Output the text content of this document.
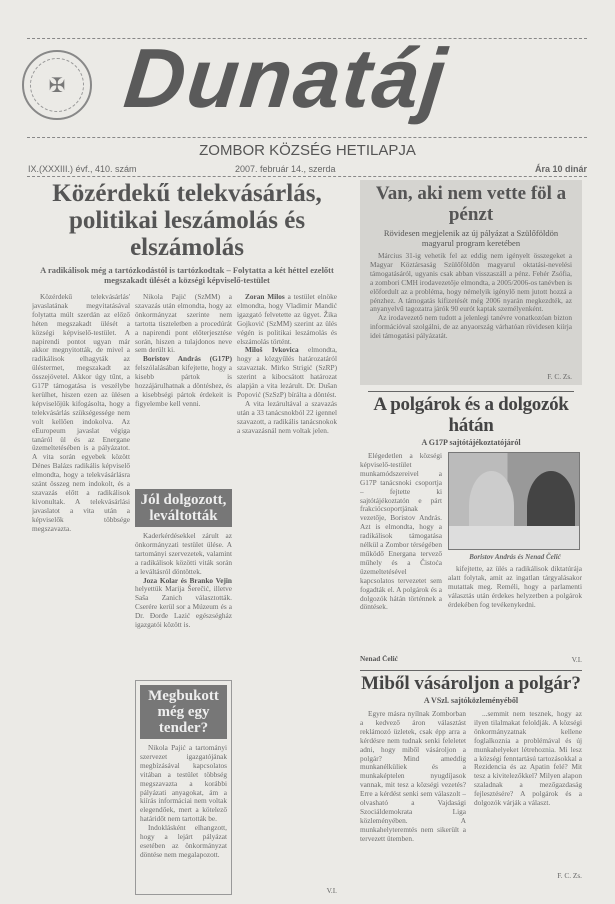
✠ Dunatáj
ZOMBOR KÖZSÉG HETILAPJA
IX.(XXXIII.) évf., 410. szám	2007. február 14., szerda	Ára 10 dinár
Közérdekű telekvásárlás, politikai leszámolás és elszámolás
A radikálisok még a tartózkodástól is tartózkodtak – Folytatta a két héttel ezelőtt megszakadt ülését a községi képviselő-testület

Közérdekű telekvásárlás' javaslatának megvitatásával folytatta múlt szerdán az előző héten megszakadt ülését a községi képviselő-testület. A napirendi pontot ugyan már akkor megnyitották, de mivel a radikálisok elhagyták az üléstermet, megszakadt az összejövetel. Akkor úgy tűnt, a G17P támogatása is veszélybe kerülhet, hiszen ezen az ülésen képviselőjük kifogásolta, hogy a telekvásárlás szükségessége nem volt kellően indokolva. Az eEuropeum javaslat végiga tanáról ül és az Energane üzemeltetésében is a pályázatot. A vita során egyebek között Dénes Balázs radikális képviselő elmondta, hogy a telekvásárlásra szánt összeg nem indokolt, és a szavazás előtt a radikálisok kivonultak. A telekvásárlási javaslatot a vita után a képviselők többsége megszavazta.

Nikola Pajić (SzMM) a szavazás után elmondta, hogy az önkormányzat szerinte nem tartotta tiszteletben a procedúrát a napirendi pont előterjesztése során, hiszen a tulajdonos neve sem derült ki.

Boristov András (G17P) felszólalásában kifejtette, hogy a kisebb pártok is hozzájárulhatnak a döntéshez, és a kisebbségi pártok érdekeit is figyelembe kell venni.

Jól dolgozott, leváltották

Kaderkérdésekkel zárult az önkormányzati testület ülése. A tartományi szervezetek, valamint a radikálisok közötti viták során a leváltásról döntöttek.

Joza Kolar és Branko Vejin helyettük Marija Šerečić, illetve Saša Zanich választották. Cserére kerül sor a Múzeum és a Dr. Đorđe Lazić egészségház igazgatói között is.

Megbukott még egy tender?

Nikola Pajić a tartományi szervezet igazgatójának megbízásával kapcsolatos vitában a testület többség megszavazta a korábbi pályázati anyagokat, ám a kiírás informáciai nem voltak elegendőek, mert a kötelező határidőt nem tartották be.

Indoklásként elhangzott, hogy a lejárt pályázat esetében az önkormányzat döntése nem megalapozott.

Zoran Milos a testület elnöke elmondta, hogy Vladimir Mandić igazgató felvetette az ügyet. Žika Gojković (SzMM) szerint az ülés végén is politikai leszámolás és elszámolás történt.

Miloš Ivkovica elmondta, hogy a közgyűlés határozatáról szavaztak. Mirko Strigić (SzRP) szerint a kibocsátott határozat alapján a vita lezárult. Dr. Dušan Popović (SzSzP) bírálta a döntést.

A vita lezárultával a szavazás után a 33 tanácsnokból 22 igennel szavazott, a radikális tanácsnokok a szavazásnál nem voltak jelen.

V.I.
Van, aki nem vette föl a pénzt
Rövidesen megjelenik az új pályázat a Szülőföldön magyarul program keretében

Március 31-ig vehetik fel az eddig nem igényelt összegeket a Magyar Köztársaság Szülőföldön magyarul oktatási-nevelési támogatásáról, ugyanis csak abban visszaszáll a pénz. Fehér Zsófia, a zombori CMH irodavezetője elmondta, a 2005/2006-os tanévben is előfordult az a probléma, hogy némelyik igénylő nem jutott hozzá a pénzhez. A támogatás kifizetését még 2006 nyarán megkezdték, az anyanyelvű tagozatra járók 90 eurót kaptak személyenként.

Az irodavezető nem tudott a jelenlegi tanévre vonatkozóan bizton információval szolgálni, de az anyaország várhatóan rövidesen kiírja idei támogatási pályázatát.

F. C. Zs.
A polgárok és a dolgozók hátán
A G17P sajtótájékoztatójáról

Elégedetlen a községi képviselő-testület munkamódszereivel a G17P tanácsnoki csoportja – fejtette ki sajtótájékoztatón e párt frakciócsoportjának vezetője, Boristov András. Azt is elmondta, hogy a radikálisok támogatása nélkül a Zombor térségében működő Energana tervező műhely és a Čistoća üzemeltetésével kapcsolatos tervezetet sem fogadták el. A polgárok és a dolgozók hátán történnek a döntések.

Nenad Čelić
Boristov András és Nenad Čelić

kifejtette, az ülés a radikálisok diktatúrája alatt folytak, amit az ingatlan tárgyalásakor mutattak meg. Reméli, hogy a parlamenti választás után érdekes helyzetben a polgárok érdekében fog tevékenykedni.

V.I.
Miből vásároljon a polgár?
A VSzl. sajtóközleményéből

Egyre másra nyílnak Zomborban a kedvező áron választást reklámozó üzletek, csak épp arra a kérdésre nem tudnak senki feleletet adni, hogy miből vásároljon a polgár? Mind ameddig munkanélküliek és a munkaképtelen nyugdíjasok vannak, mit tesz a községi vezetés? Erre a kérdést senki sem válaszolt – olvasható a Vajdasági Szociáldemokrata Liga közleményében. A munkahelyteremtés nem sikerült a tervezett ütemben.

...semmit nem tesznek, hogy az ilyen tilalmakat feloldják. A községi önkormányzatnak kellene foglalkoznia a problémával és új munkahelyeket létrehoznia. Mi lesz a községi fenntartású tartozásokkal a Rezidencia és az Apatin felé? Mit tesz a kivitelezőkkel? Milyen alapon szaladnak a mezőgazdaság fejlesztésére? A polgárok és a dolgozók várják a választ.

F. C. Zs.
